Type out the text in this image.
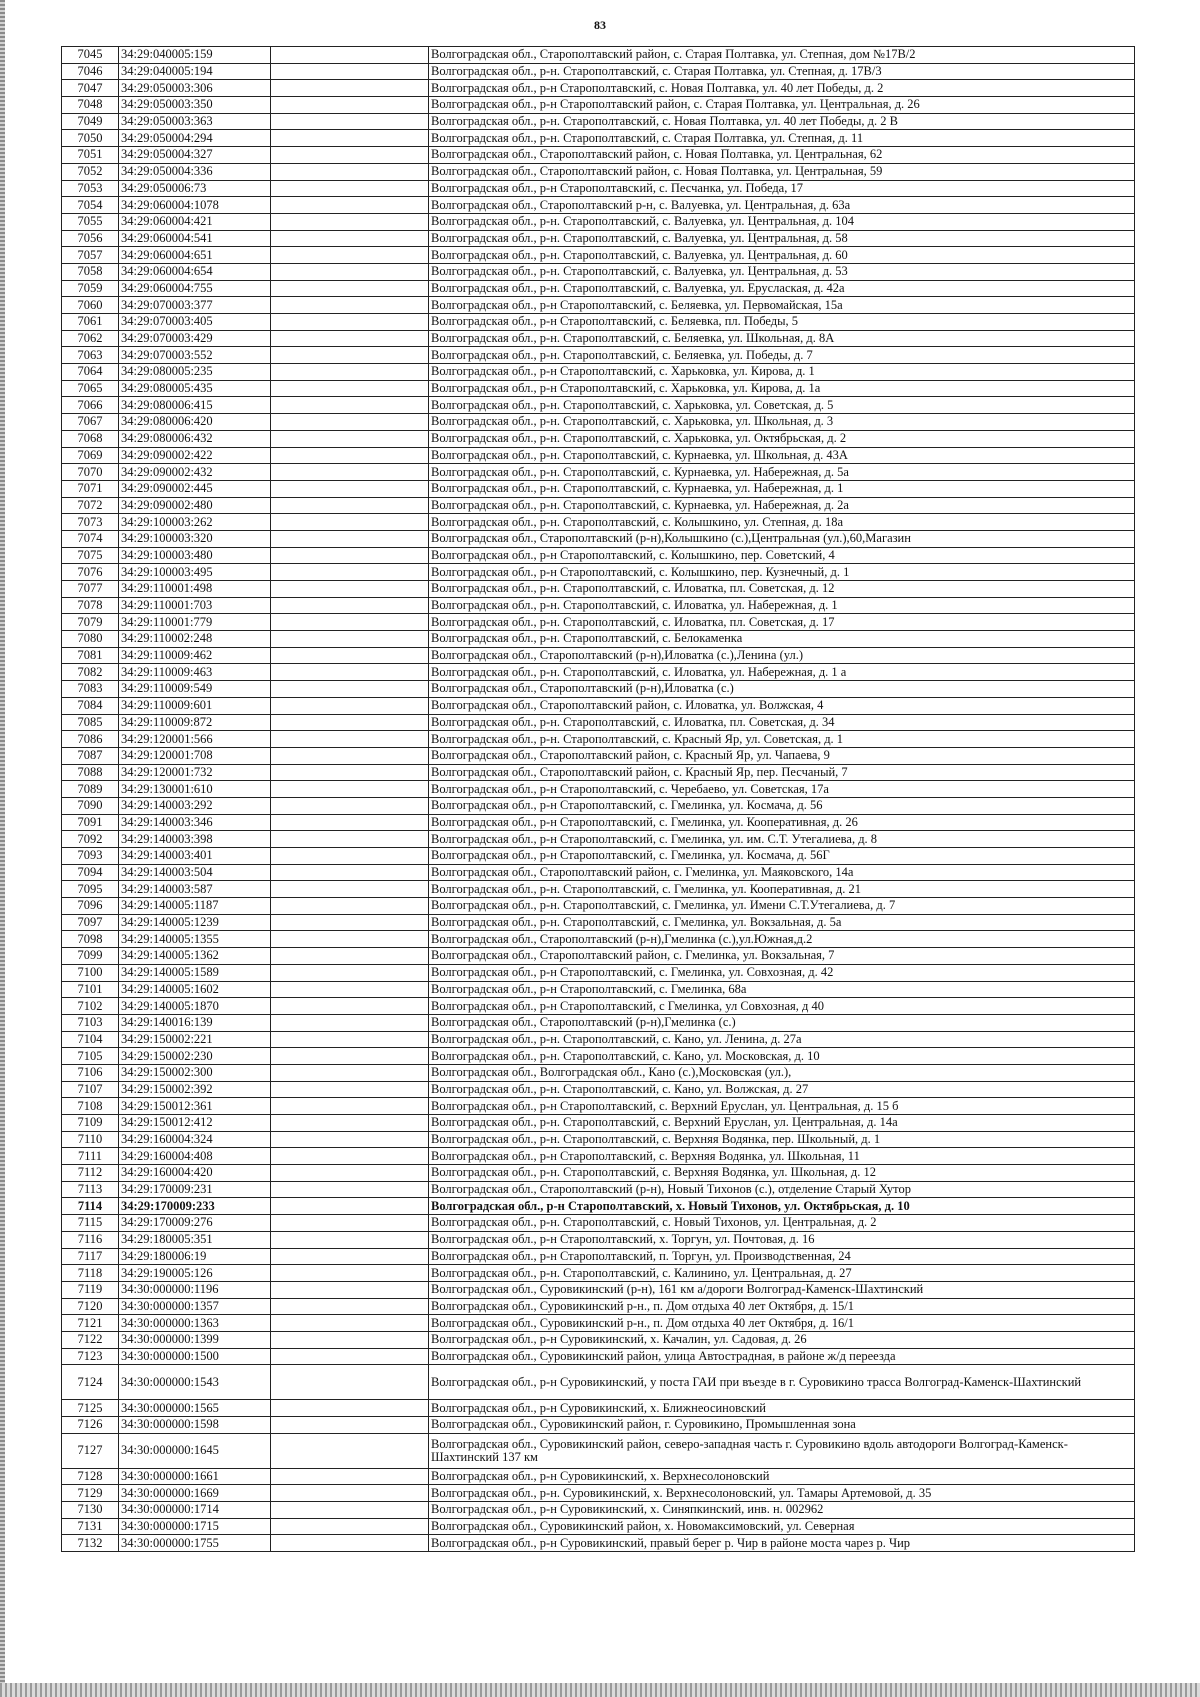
83
7045	34:29:040005:159		Волгоградская обл., Старополтавский район, с. Старая Полтавка, ул. Степная, дом №17В/2
7046	34:29:040005:194		Волгоградская обл., р-н. Старополтавский, с. Старая Полтавка, ул. Степная, д. 17В/3
7047	34:29:050003:306		Волгоградская обл., р-н Старополтавский, с. Новая Полтавка, ул. 40 лет Победы, д. 2
7048	34:29:050003:350		Волгоградская обл., р-н Старополтавский район, с. Старая Полтавка, ул. Центральная, д. 26
7049	34:29:050003:363		Волгоградская обл., р-н. Старополтавский, с. Новая Полтавка, ул. 40 лет Победы, д. 2 В
7050	34:29:050004:294		Волгоградская обл., р-н. Старополтавский, с. Старая Полтавка, ул. Степная, д. 11
7051	34:29:050004:327		Волгоградская обл., Старополтавский район, с. Новая Полтавка, ул. Центральная, 62
7052	34:29:050004:336		Волгоградская обл., Старополтавский район, с. Новая Полтавка, ул. Центральная, 59
7053	34:29:050006:73		Волгоградская обл., р-н Старополтавский, с. Песчанка, ул. Победа, 17
7054	34:29:060004:1078		Волгоградская обл., Старополтавский р-н, с. Валуевка, ул. Центральная, д. 63а
7055	34:29:060004:421		Волгоградская обл., р-н. Старополтавский, с. Валуевка, ул. Центральная, д. 104
7056	34:29:060004:541		Волгоградская обл., р-н. Старополтавский, с. Валуевка, ул. Центральная, д. 58
7057	34:29:060004:651		Волгоградская обл., р-н. Старополтавский, с. Валуевка, ул. Центральная, д. 60
7058	34:29:060004:654		Волгоградская обл., р-н. Старополтавский, с. Валуевка, ул. Центральная, д. 53
7059	34:29:060004:755		Волгоградская обл., р-н. Старополтавский, с. Валуевка, ул. Еруслаская, д. 42а
7060	34:29:070003:377		Волгоградская обл., р-н Старополтавский, с. Беляевка, ул. Первомайская, 15а
7061	34:29:070003:405		Волгоградская обл., р-н Старополтавский, с. Беляевка, пл. Победы, 5
7062	34:29:070003:429		Волгоградская обл., р-н. Старополтавский, с. Беляевка, ул. Школьная, д. 8А
7063	34:29:070003:552		Волгоградская обл., р-н. Старополтавский, с. Беляевка, ул. Победы, д. 7
7064	34:29:080005:235		Волгоградская обл., р-н Старополтавский, с. Харьковка, ул. Кирова, д. 1
7065	34:29:080005:435		Волгоградская обл., р-н Старополтавский, с. Харьковка, ул. Кирова, д. 1а
7066	34:29:080006:415		Волгоградская обл., р-н. Старополтавский, с. Харьковка, ул. Советская, д. 5
7067	34:29:080006:420		Волгоградская обл., р-н. Старополтавский, с. Харьковка, ул. Школьная, д. 3
7068	34:29:080006:432		Волгоградская обл., р-н. Старополтавский, с. Харьковка, ул. Октябрьская, д. 2
7069	34:29:090002:422		Волгоградская обл., р-н. Старополтавский, с. Курнаевка, ул. Школьная, д. 43А
7070	34:29:090002:432		Волгоградская обл., р-н. Старополтавский, с. Курнаевка, ул. Набережная, д. 5а
7071	34:29:090002:445		Волгоградская обл., р-н. Старополтавский, с. Курнаевка, ул. Набережная, д. 1
7072	34:29:090002:480		Волгоградская обл., р-н. Старополтавский, с. Курнаевка, ул. Набережная, д. 2а
7073	34:29:100003:262		Волгоградская обл., р-н. Старополтавский, с. Колышкино, ул. Степная, д. 18а
7074	34:29:100003:320		Волгоградская обл., Старополтавский (р-н),Колышкино (с.),Центральная (ул.),60,Магазин
7075	34:29:100003:480		Волгоградская обл., р-н Старополтавский, с. Колышкино, пер. Советский, 4
7076	34:29:100003:495		Волгоградская обл., р-н Старополтавский, с. Колышкино, пер. Кузнечный, д. 1
7077	34:29:110001:498		Волгоградская обл., р-н. Старополтавский, с. Иловатка, пл. Советская, д. 12
7078	34:29:110001:703		Волгоградская обл., р-н. Старополтавский, с. Иловатка, ул. Набережная, д. 1
7079	34:29:110001:779		Волгоградская обл., р-н. Старополтавский, с. Иловатка, пл. Советская, д. 17
7080	34:29:110002:248		Волгоградская обл., р-н. Старополтавский, с. Белокаменка
7081	34:29:110009:462		Волгоградская обл., Старополтавский (р-н),Иловатка (с.),Ленина (ул.)
7082	34:29:110009:463		Волгоградская обл., р-н. Старополтавский, с. Иловатка, ул. Набережная, д. 1 а
7083	34:29:110009:549		Волгоградская обл., Старополтавский (р-н),Иловатка (с.)
7084	34:29:110009:601		Волгоградская обл., Старополтавский район, с. Иловатка, ул. Волжская, 4
7085	34:29:110009:872		Волгоградская обл., р-н. Старополтавский, с. Иловатка, пл. Советская, д. 34
7086	34:29:120001:566		Волгоградская обл., р-н. Старополтавский, с. Красный Яр, ул. Советская, д. 1
7087	34:29:120001:708		Волгоградская обл., Старополтавский район, с. Красный Яр, ул. Чапаева, 9
7088	34:29:120001:732		Волгоградская обл., Старополтавский район, с. Красный Яр, пер. Песчаный, 7
7089	34:29:130001:610		Волгоградская обл., р-н Старополтавский, с. Черебаево, ул. Советская, 17а
7090	34:29:140003:292		Волгоградская обл., р-н Старополтавский, с. Гмелинка, ул. Космача, д. 56
7091	34:29:140003:346		Волгоградская обл., р-н Старополтавский, с. Гмелинка, ул. Кооперативная, д. 26
7092	34:29:140003:398		Волгоградская обл., р-н Старополтавский, с. Гмелинка, ул. им. С.Т. Утегалиева, д. 8
7093	34:29:140003:401		Волгоградская обл., р-н Старополтавский, с. Гмелинка, ул. Космача, д. 56Г
7094	34:29:140003:504		Волгоградская обл., Старополтавский район, с. Гмелинка, ул. Маяковского, 14а
7095	34:29:140003:587		Волгоградская обл., р-н. Старополтавский, с. Гмелинка, ул. Кооперативная, д. 21
7096	34:29:140005:1187		Волгоградская обл., р-н. Старополтавский, с. Гмелинка, ул. Имени С.Т.Утегалиева, д. 7
7097	34:29:140005:1239		Волгоградская обл., р-н. Старополтавский, с. Гмелинка, ул. Вокзальная, д. 5а
7098	34:29:140005:1355		Волгоградская обл., Старополтавский (р-н),Гмелинка (с.),ул.Южная,д.2
7099	34:29:140005:1362		Волгоградская обл., Старополтавский район, с. Гмелинка, ул. Вокзальная, 7
7100	34:29:140005:1589		Волгоградская обл., р-н Старополтавский, с. Гмелинка, ул. Совхозная, д. 42
7101	34:29:140005:1602		Волгоградская обл., р-н Старополтавский, с. Гмелинка, 68а
7102	34:29:140005:1870		Волгоградская обл., р-н Старополтавский, с Гмелинка, ул Совхозная, д 40
7103	34:29:140016:139		Волгоградская обл., Старополтавский (р-н),Гмелинка (с.)
7104	34:29:150002:221		Волгоградская обл., р-н. Старополтавский, с. Кано, ул. Ленина, д. 27а
7105	34:29:150002:230		Волгоградская обл., р-н. Старополтавский, с. Кано, ул. Московская, д. 10
7106	34:29:150002:300		Волгоградская обл., Волгоградская обл., Кано (с.),Московская (ул.),
7107	34:29:150002:392		Волгоградская обл., р-н. Старополтавский, с. Кано, ул. Волжская, д. 27
7108	34:29:150012:361		Волгоградская обл., р-н Старополтавский, с. Верхний Еруслан, ул. Центральная, д. 15 б
7109	34:29:150012:412		Волгоградская обл., р-н. Старополтавский, с. Верхний Еруслан, ул. Центральная, д. 14а
7110	34:29:160004:324		Волгоградская обл., р-н. Старополтавский, с. Верхняя Водянка, пер. Школьный, д. 1
7111	34:29:160004:408		Волгоградская обл., р-н Старополтавский, с. Верхняя Водянка, ул. Школьная, 11
7112	34:29:160004:420		Волгоградская обл., р-н. Старополтавский, с. Верхняя Водянка, ул. Школьная, д. 12
7113	34:29:170009:231		Волгоградская обл., Старополтавский (р-н), Новый Тихонов (с.), отделение Старый Хутор
7114	34:29:170009:233		Волгоградская обл., р-н Старополтавский, х. Новый Тихонов, ул. Октябрьская, д. 10
7115	34:29:170009:276		Волгоградская обл., р-н. Старополтавский, с. Новый Тихонов, ул. Центральная, д. 2
7116	34:29:180005:351		Волгоградская обл., р-н Старополтавский, х. Торгун, ул. Почтовая, д. 16
7117	34:29:180006:19		Волгоградская обл., р-н Старополтавский, п. Торгун, ул. Производственная, 24
7118	34:29:190005:126		Волгоградская обл., р-н. Старополтавский, с. Калинино, ул. Центральная, д. 27
7119	34:30:000000:1196		Волгоградская обл., Суровикинский (р-н), 161 км а/дороги Волгоград-Каменск-Шахтинский
7120	34:30:000000:1357		Волгоградская обл., Суровикинский р-н., п. Дом отдыха 40 лет Октября, д. 15/1
7121	34:30:000000:1363		Волгоградская обл., Суровикинский р-н., п. Дом отдыха 40 лет Октября, д. 16/1
7122	34:30:000000:1399		Волгоградская обл., р-н Суровикинский, х. Качалин, ул. Садовая, д. 26
7123	34:30:000000:1500		Волгоградская обл., Суровикинский район, улица Автострадная, в районе ж/д переезда
7124	34:30:000000:1543		Волгоградская обл., р-н Суровикинский, у поста ГАИ при въезде в г. Суровикино трасса Волгоград-Каменск-Шахтинский
7125	34:30:000000:1565		Волгоградская обл., р-н Суровикинский, х. Ближнеосиновский
7126	34:30:000000:1598		Волгоградская обл., Суровикинский район, г. Суровикино, Промышленная зона
7127	34:30:000000:1645		Волгоградская обл., Суровикинский район, северо-западная часть г. Суровикино вдоль автодороги Волгоград-Каменск-Шахтинский 137 км
7128	34:30:000000:1661		Волгоградская обл., р-н Суровикинский, х. Верхнесолоновский
7129	34:30:000000:1669		Волгоградская обл., р-н. Суровикинский, х. Верхнесолоновский, ул. Тамары Артемовой, д. 35
7130	34:30:000000:1714		Волгоградская обл., р-н Суровикинский, х. Синяпкинский, инв. н. 002962
7131	34:30:000000:1715		Волгоградская обл., Суровикинский район, х. Новомаксимовский, ул. Северная
7132	34:30:000000:1755		Волгоградская обл., р-н Суровикинский, правый берег р. Чир в районе моста чарез р. Чир
